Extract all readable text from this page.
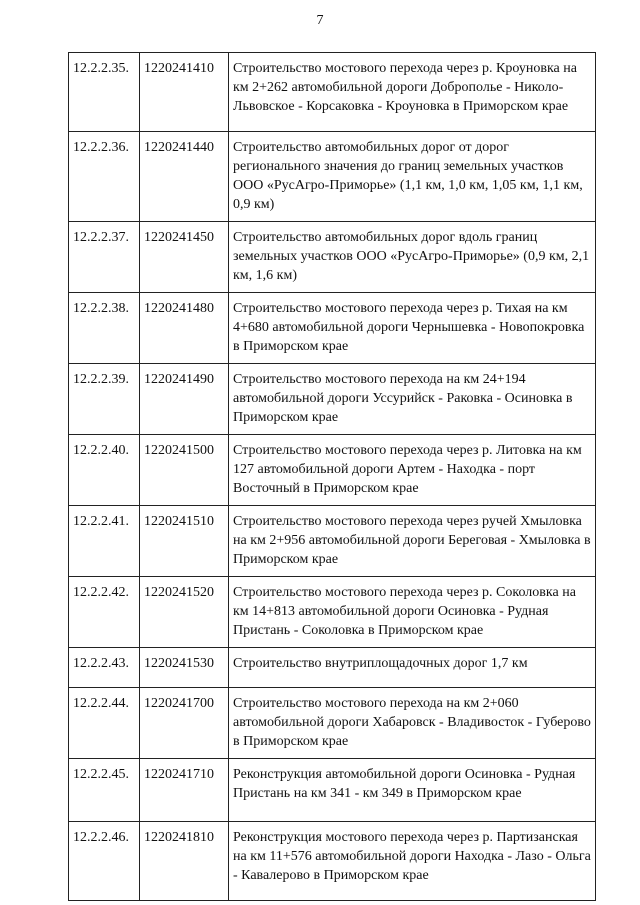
7
12.2.2.35.	1220241410	Строительство мостового перехода через р. Кроуновка на км 2+262 автомобильной дороги Доброполье - Николо-Львовское - Корсаковка - Кроуновка в Приморском крае
12.2.2.36.	1220241440	Строительство автомобильных дорог от дорог регионального значения до границ земельных участков ООО «РусАгро-Приморье» (1,1 км, 1,0 км, 1,05 км, 1,1 км, 0,9 км)
12.2.2.37.	1220241450	Строительство автомобильных дорог вдоль границ земельных участков ООО «РусАгро-Приморье» (0,9 км, 2,1 км, 1,6 км)
12.2.2.38.	1220241480	Строительство мостового перехода через р. Тихая на км 4+680 автомобильной дороги Чернышевка - Новопокровка в Приморском крае
12.2.2.39.	1220241490	Строительство мостового перехода на км 24+194 автомобильной дороги Уссурийск - Раковка - Осиновка в Приморском крае
12.2.2.40.	1220241500	Строительство мостового перехода через р. Литовка на км 127 автомобильной дороги Артем - Находка - порт Восточный в Приморском крае
12.2.2.41.	1220241510	Строительство мостового перехода через ручей Хмыловка на км 2+956 автомобильной дороги Береговая - Хмыловка в Приморском крае
12.2.2.42.	1220241520	Строительство мостового перехода через р. Соколовка на км 14+813 автомобильной дороги Осиновка - Рудная Пристань - Соколовка в Приморском крае
12.2.2.43.	1220241530	Строительство внутриплощадочных дорог 1,7 км
12.2.2.44.	1220241700	Строительство мостового перехода на км 2+060 автомобильной дороги Хабаровск - Владивосток - Губерово в Приморском крае
12.2.2.45.	1220241710	Реконструкция автомобильной дороги Осиновка - Рудная Пристань на км 341 - км 349 в Приморском крае
12.2.2.46.	1220241810	Реконструкция мостового перехода через р. Партизанская на км 11+576 автомобильной дороги Находка - Лазо - Ольга - Кавалерово в Приморском крае
